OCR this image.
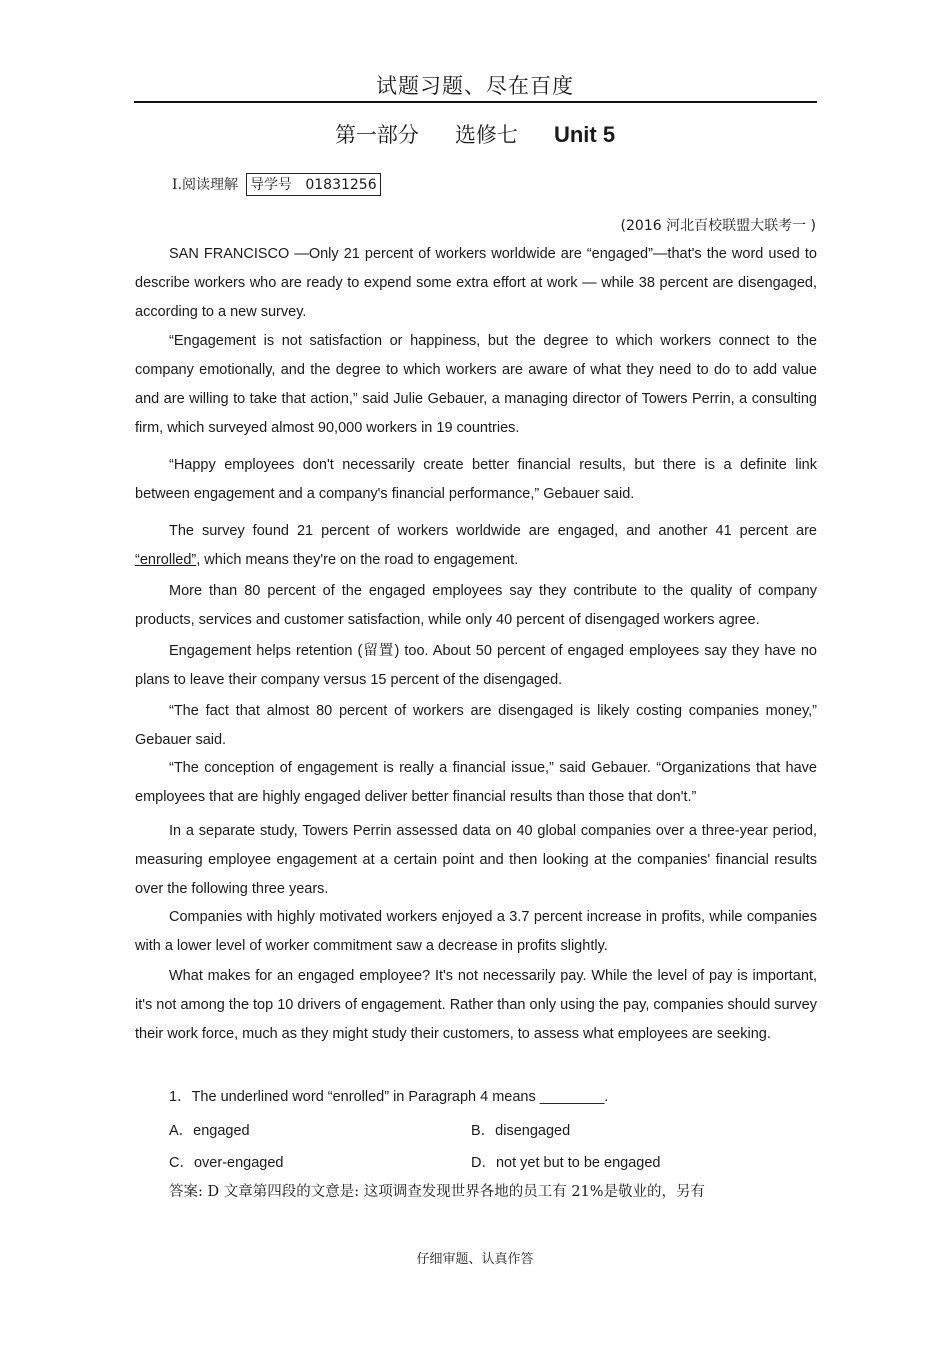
试题习题、尽在百度
第一部分 选修七 Unit 5
Ⅰ.阅读理解 导学号 01831256
(2016 河北百校联盟大联考一 )
SAN FRANCISCO —Only 21 percent of workers worldwide are “engaged”—that's the word used to describe workers who are ready to expend some extra effort at work — while 38 percent are disengaged, according to a new survey.
“Engagement is not satisfaction or happiness, but the degree to which workers connect to the company emotionally, and the degree to which workers are aware of what they need to do to add value and are willing to take that action,” said Julie Gebauer, a managing director of Towers Perrin, a consulting firm, which surveyed almost 90,000 workers in 19 countries.
“Happy employees don't necessarily create better financial results, but there is a definite link between engagement and a company's financial performance,” Gebauer said.
The survey found 21 percent of workers worldwide are engaged, and another 41 percent are “enrolled”, which means they're on the road to engagement.
More than 80 percent of the engaged employees say they contribute to the quality of company products, services and customer satisfaction, while only 40 percent of disengaged workers agree.
Engagement helps retention (留置) too. About 50 percent of engaged employees say they have no plans to leave their company versus 15 percent of the disengaged.
“The fact that almost 80 percent of workers are disengaged is likely costing companies money,” Gebauer said.
“The conception of engagement is really a financial issue,” said Gebauer. “Organizations that have employees that are highly engaged deliver better financial results than those that don't.”
In a separate study, Towers Perrin assessed data on 40 global companies over a three-year period, measuring employee engagement at a certain point and then looking at the companies' financial results over the following three years.
Companies with highly motivated workers enjoyed a 3.7 percent increase in profits, while companies with a lower level of worker commitment saw a decrease in profits slightly.
What makes for an engaged employee? It's not necessarily pay. While the level of pay is important, it's not among the top 10 drivers of engagement. Rather than only using the pay, companies should survey their work force, much as they might study their customers, to assess what employees are seeking.
1．The underlined word “enrolled” in Paragraph 4 means ________.
A．engaged	B．disengaged
C．over-engaged	D．not yet but to be engaged
答案: D 文章第四段的文意是: 这项调查发现世界各地的员工有 21%是敬业的，另有
仔细审题、认真作答
